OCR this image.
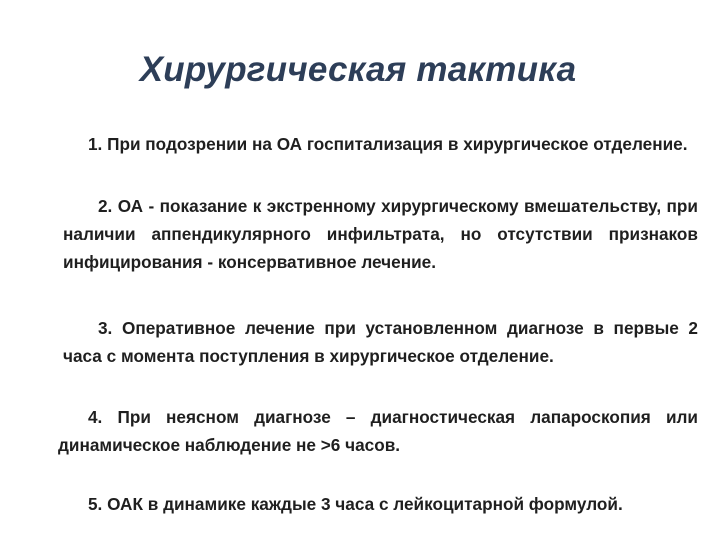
Хирургическая тактика
1. При подозрении на ОА госпитализация в хирургическое отделение.
2. ОА - показание к экстренному хирургическому вмешательству, при наличии аппендикулярного инфильтрата, но отсутствии признаков инфицирования - консервативное лечение.
3. Оперативное лечение при установленном диагнозе в первые 2 часа с момента поступления в хирургическое отделение.
4. При неясном диагнозе – диагностическая лапароскопия или динамическое наблюдение не >6 часов.
5. ОАК в динамике каждые 3 часа с лейкоцитарной формулой.
